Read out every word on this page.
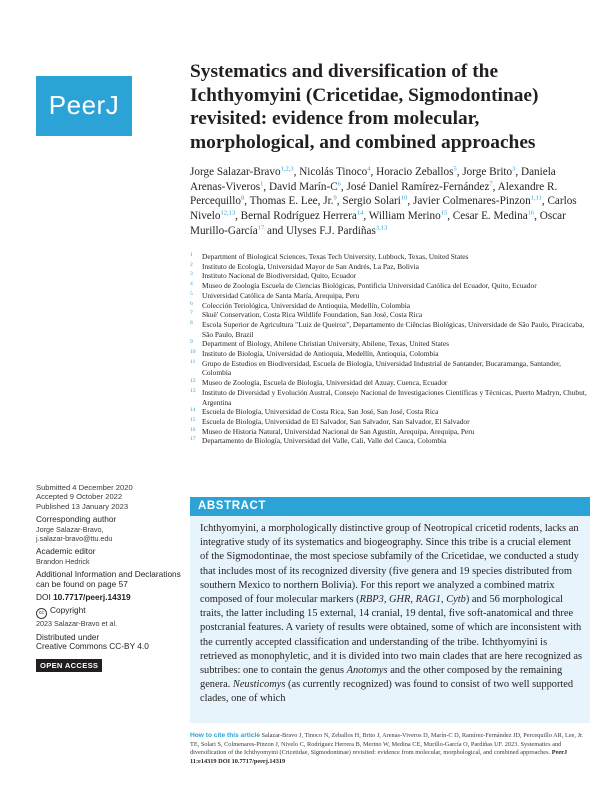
PeerJ
Systematics and diversification of the Ichthyomyini (Cricetidae, Sigmodontinae) revisited: evidence from molecular, morphological, and combined approaches

Jorge Salazar-Bravo$^{1,2,3}$, Nicolás Tinoco$^4$, Horacio Zeballos$^5$, Jorge Brito$^3$, Daniela Arenas-Viveros$^1$, David Marín-$C^6$, José Daniel Ramírez-Fernández$^7$, Alexandre R. Percequillo$^8$, Thomas E. Lee, Jr.$^9$, Sergio Solari$^{10}$, Javier Colmenares-Pinzon$^{1,11}$, Carlos Nivelo$^{12,13}$, Bernal Rodríguez Herrera$^{14}$, William Merino$^{15}$, Cesar E. Medina$^{16}$, Oscar Murillo-García$^{17}$ and Ulyses F.J. Pardiñas$^{3,13}$

1 Department of Biological Sciences, Texas Tech University, Lubbock, Texas, United States
2 Instituto de Ecología, Universidad Mayor de San Andrés, La Paz, Bolivia
3 Instituto Nacional de Biodiversidad, Quito, Ecuador
4 Museo de Zoología Escuela de Ciencias Biológicas, Pontificia Universidad Católica del Ecuador, Quito, Ecuador
5 Universidad Católica de Santa María, Arequipa, Peru
6 Colección Teriológica, Universidad de Antioquia, Medellín, Colombia
7 Skuë' Conservation, Costa Rica Wildlife Foundation, San José, Costa Rica
8 Escola Superior de Agricultura "Luiz de Queiroz", Departamento de Ciências Biológicas, Universidade de São Paulo, Piracicaba, São Paulo, Brazil
9 Department of Biology, Abilene Christian University, Abilene, Texas, United States
10 Instituto de Biología, Universidad de Antioquia, Medellín, Antioquia, Colombia
11 Grupo de Estudios en Biodiversidad, Escuela de Biología, Universidad Industrial de Santander, Bucaramanga, Santander, Colombia
12 Museo de Zoología, Escuela de Biología, Universidad del Azuay, Cuenca, Ecuador
13 Instituto de Diversidad y Evolución Austral, Consejo Nacional de Investigaciones Científicas y Técnicas, Puerto Madryn, Chubut, Argentina
14 Escuela de Biología, Universidad de Costa Rica, San José, San José, Costa Rica
15 Escuela de Biología, Universidad de El Salvador, San Salvador, San Salvador, El Salvador
16 Museo de Historia Natural, Universidad Nacional de San Agustín, Arequipa, Arequipa, Peru
17 Departamento de Biología, Universidad del Valle, Cali, Valle del Cauca, Colombia
Submitted 4 December 2020
Accepted 9 October 2022
Published 13 January 2023
Corresponding author
Jorge Salazar-Bravo,
j.salazar-bravo@ttu.edu
Academic editor
Brandon Hedrick
Additional Information and Declarations can be found on page 57
DOI 10.7717/peerj.14319
cc Copyright
2023 Salazar-Bravo et al.
Distributed under
Creative Commons CC-BY 4.0
OPEN ACCESS
ABSTRACT

Ichthyomyini, a morphologically distinctive group of Neotropical cricetid rodents, lacks an integrative study of its systematics and biogeography. Since this tribe is a crucial element of the Sigmodontinae, the most speciose subfamily of the Cricetidae, we conducted a study that includes most of its recognized diversity (five genera and 19 species distributed from southern Mexico to northern Bolivia). For this report we analyzed a combined matrix composed of four molecular markers (RBP3, GHR, RAG1, Cytb) and 56 morphological traits, the latter including 15 external, 14 cranial, 19 dental, five soft-anatomical and three postcranial features. A variety of results were obtained, some of which are inconsistent with the currently accepted classification and understanding of the tribe. Ichthyomyini is retrieved as monophyletic, and it is divided into two main clades that are here recognized as subtribes: one to contain the genus Anotomys and the other composed by the remaining genera. Neusticomys (as currently recognized) was found to consist of two well supported clades, one of which

How to cite this article Salazar-Bravo J, Tinoco N, Zeballos H, Brito J, Arenas-Viveros D, Marín-C D, Ramírez-Fernández JD, Percequillo AR, Lee, Jr. TE, Solari S, Colmenares-Pinzon J, Nivelo C, Rodríguez Herrera B, Merino W, Medina CE, Murillo-García O, Pardiñas UF. 2023. Systematics and diversification of the Ichthyomyini (Cricetidae, Sigmodontinae) revisited: evidence from molecular, morphological, and combined approaches. PeerJ 11:e14319 DOI 10.7717/peerj.14319
